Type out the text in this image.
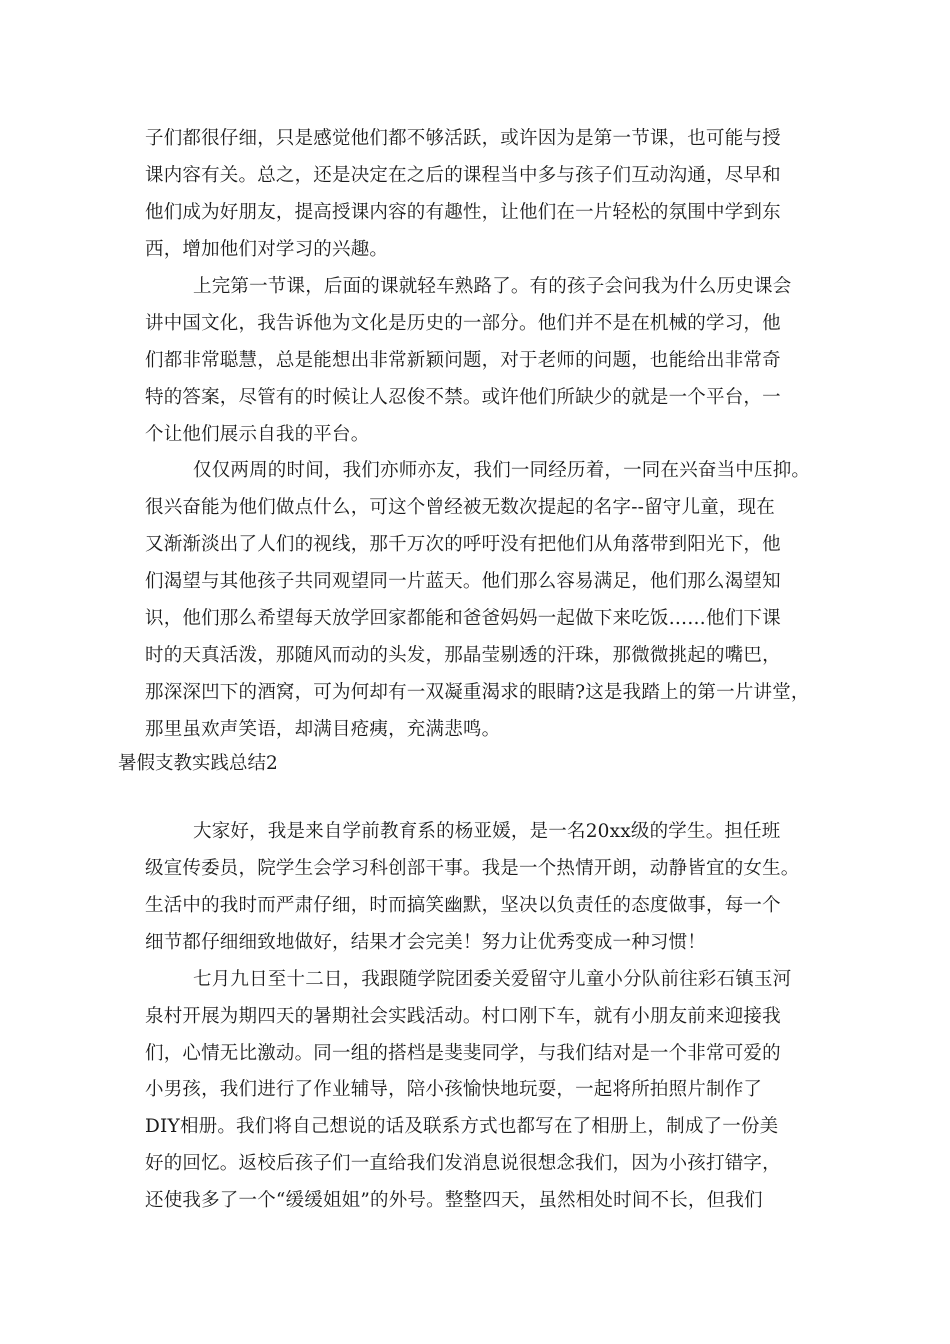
子们都很仔细，只是感觉他们都不够活跃，或许因为是第一节课，也可能与授
课内容有关。总之，还是决定在之后的课程当中多与孩子们互动沟通，尽早和
他们成为好朋友，提高授课内容的有趣性，让他们在一片轻松的氛围中学到东
西，增加他们对学习的兴趣。
上完第一节课，后面的课就轻车熟路了。有的孩子会问我为什么历史课会
讲中国文化，我告诉他为文化是历史的一部分。他们并不是在机械的学习，他
们都非常聪慧，总是能想出非常新颖问题，对于老师的问题，也能给出非常奇
特的答案，尽管有的时候让人忍俊不禁。或许他们所缺少的就是一个平台，一
个让他们展示自我的平台。
仅仅两周的时间，我们亦师亦友，我们一同经历着，一同在兴奋当中压抑。
很兴奋能为他们做点什么，可这个曾经被无数次提起的名字--留守儿童，现在
又渐渐淡出了人们的视线，那千万次的呼吁没有把他们从角落带到阳光下，他
们渴望与其他孩子共同观望同一片蓝天。他们那么容易满足，他们那么渴望知
识，他们那么希望每天放学回家都能和爸爸妈妈一起做下来吃饭……他们下课
时的天真活泼，那随风而动的头发，那晶莹剔透的汗珠，那微微挑起的嘴巴，
那深深凹下的酒窝，可为何却有一双凝重渴求的眼睛?这是我踏上的第一片讲堂，
那里虽欢声笑语，却满目疮痍，充满悲鸣。
暑假支教实践总结2
大家好，我是来自学前教育系的杨亚媛，是一名20xx级的学生。担任班
级宣传委员，院学生会学习科创部干事。我是一个热情开朗，动静皆宜的女生。
生活中的我时而严肃仔细，时而搞笑幽默，坚决以负责任的态度做事，每一个
细节都仔细细致地做好，结果才会完美！努力让优秀变成一种习惯！
七月九日至十二日，我跟随学院团委关爱留守儿童小分队前往彩石镇玉河
泉村开展为期四天的暑期社会实践活动。村口刚下车，就有小朋友前来迎接我
们，心情无比激动。同一组的搭档是斐斐同学，与我们结对是一个非常可爱的
小男孩，我们进行了作业辅导，陪小孩愉快地玩耍，一起将所拍照片制作了
DIY相册。我们将自己想说的话及联系方式也都写在了相册上，制成了一份美
好的回忆。返校后孩子们一直给我们发消息说很想念我们，因为小孩打错字，
还使我多了一个“缓缓姐姐”的外号。整整四天，虽然相处时间不长，但我们
